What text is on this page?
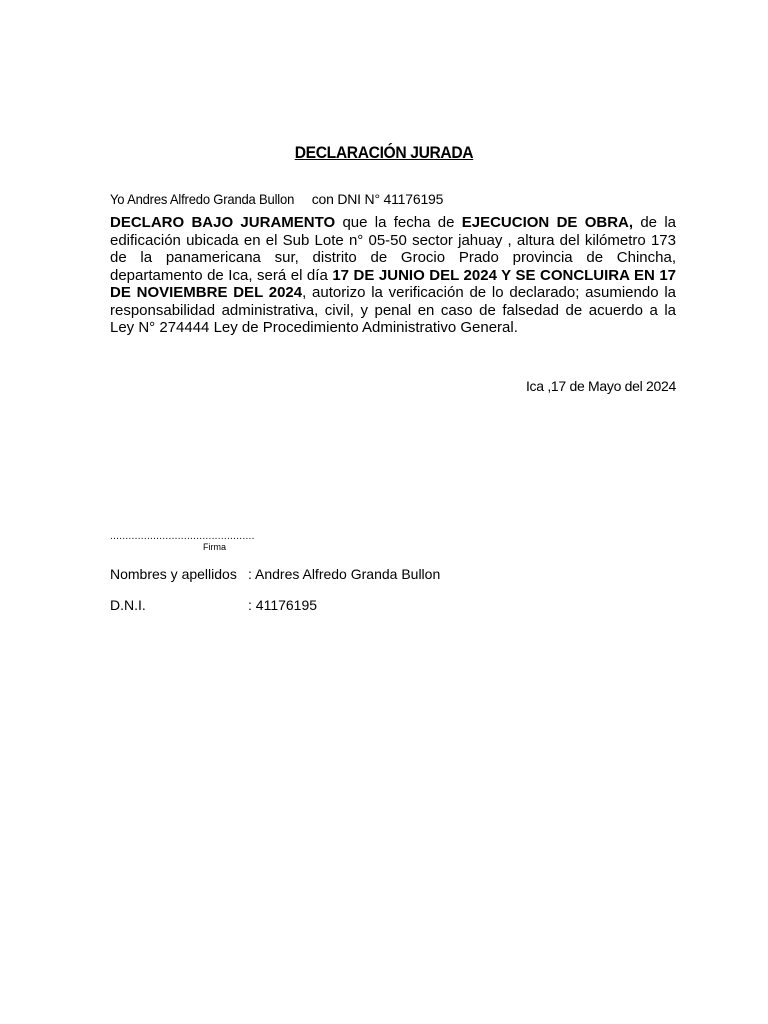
DECLARACIÓN JURADA
Yo Andres Alfredo Granda Bullon con DNI N° 41176195
DECLARO BAJO JURAMENTO que la fecha de EJECUCION DE OBRA, de la edificación ubicada en el Sub Lote n° 05-50 sector jahuay , altura del kilómetro 173 de la panamericana sur, distrito de Grocio Prado provincia de Chincha, departamento de Ica, será el día 17 DE JUNIO DEL 2024 Y SE CONCLUIRA EN 17 DE NOVIEMBRE DEL 2024, autorizo la verificación de lo declarado; asumiendo la responsabilidad administrativa, civil, y penal en caso de falsedad de acuerdo a la Ley N° 274444 Ley de Procedimiento Administrativo General.
Ica ,17 de Mayo del 2024
...............................................
Firma
Nombres y apellidos : Andres Alfredo Granda Bullon
D.N.I.	: 41176195
